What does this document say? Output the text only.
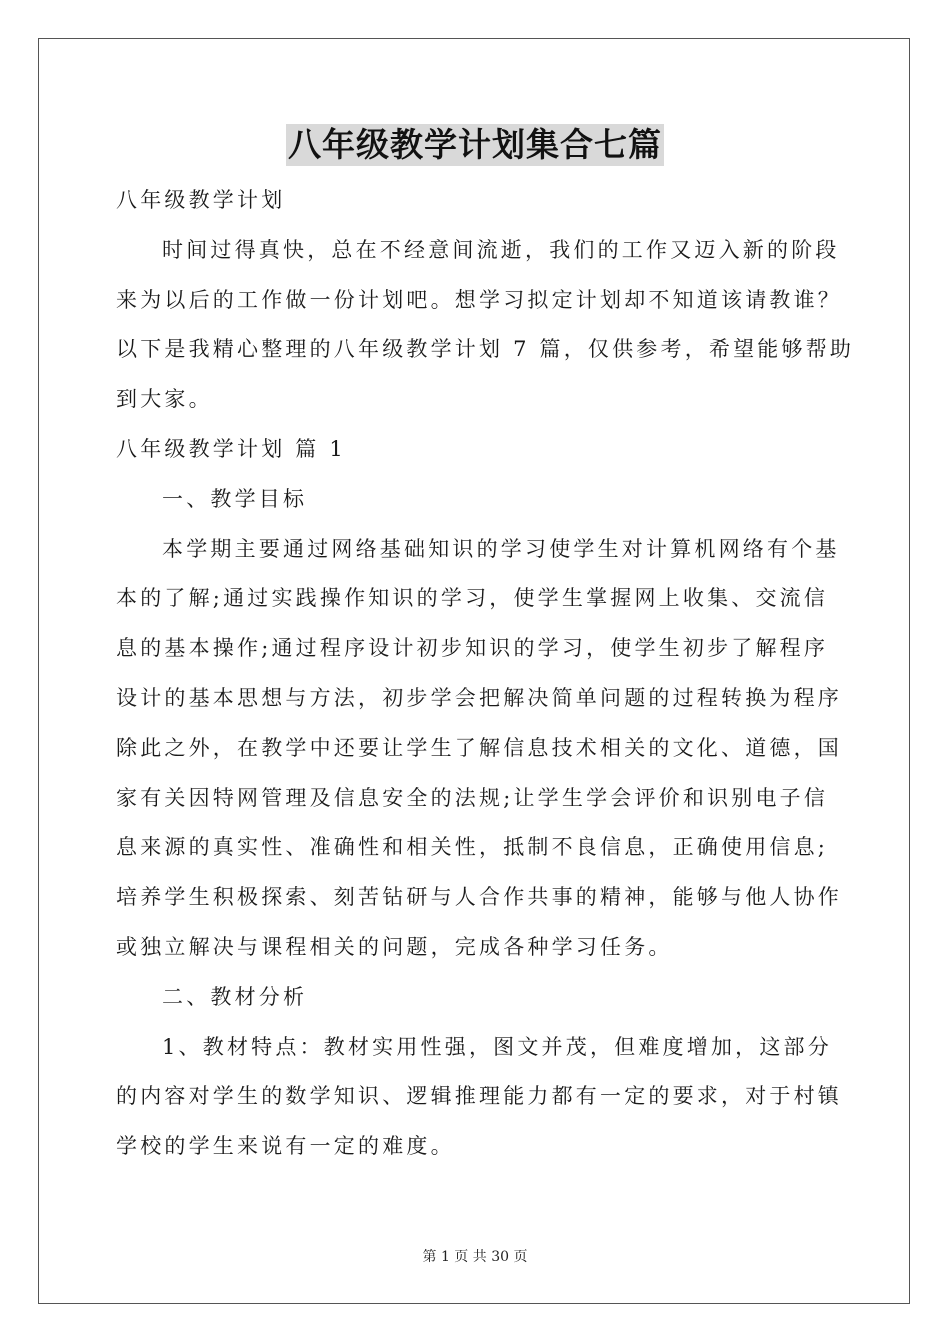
八年级教学计划集合七篇

八年级教学计划

时间过得真快，总在不经意间流逝，我们的工作又迈入新的阶段

来为以后的工作做一份计划吧。想学习拟定计划却不知道该请教谁？

以下是我精心整理的八年级教学计划 7 篇，仅供参考，希望能够帮助

到大家。

八年级教学计划 篇 1

一、教学目标

本学期主要通过网络基础知识的学习使学生对计算机网络有个基

本的了解;通过实践操作知识的学习，使学生掌握网上收集、交流信

息的基本操作;通过程序设计初步知识的学习，使学生初步了解程序

设计的基本思想与方法，初步学会把解决简单问题的过程转换为程序

除此之外，在教学中还要让学生了解信息技术相关的文化、道德，国

家有关因特网管理及信息安全的法规;让学生学会评价和识别电子信

息来源的真实性、准确性和相关性，抵制不良信息，正确使用信息;

培养学生积极探索、刻苦钻研与人合作共事的精神，能够与他人协作

或独立解决与课程相关的问题，完成各种学习任务。

二、教材分析

1、教材特点：教材实用性强，图文并茂，但难度增加，这部分

的内容对学生的数学知识、逻辑推理能力都有一定的要求，对于村镇

学校的学生来说有一定的难度。

第 1 页 共 30 页
